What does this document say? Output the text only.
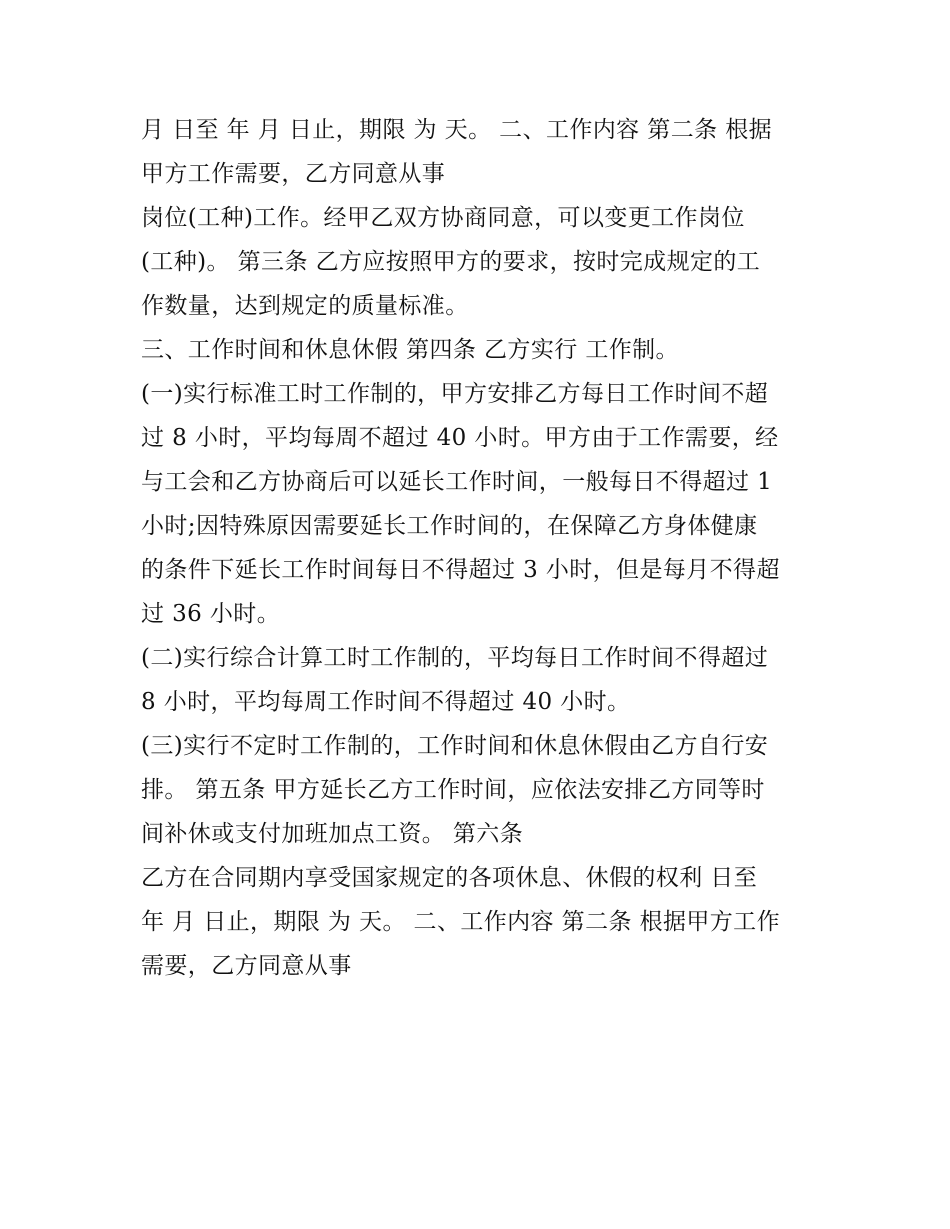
月 日至 年 月 日止，期限 为 天。 二、工作内容 第二条 根据
甲方工作需要，乙方同意从事
岗位(工种)工作。经甲乙双方协商同意，可以变更工作岗位
(工种)。 第三条 乙方应按照甲方的要求，按时完成规定的工
作数量，达到规定的质量标准。
三、工作时间和休息休假 第四条 乙方实行 工作制。
(一)实行标准工时工作制的，甲方安排乙方每日工作时间不超
过 8 小时，平均每周不超过 40 小时。甲方由于工作需要，经
与工会和乙方协商后可以延长工作时间，一般每日不得超过 1
小时;因特殊原因需要延长工作时间的，在保障乙方身体健康
的条件下延长工作时间每日不得超过 3 小时，但是每月不得超
过 36 小时。
(二)实行综合计算工时工作制的，平均每日工作时间不得超过
8 小时，平均每周工作时间不得超过 40 小时。
(三)实行不定时工作制的，工作时间和休息休假由乙方自行安
排。 第五条 甲方延长乙方工作时间，应依法安排乙方同等时
间补休或支付加班加点工资。 第六条
乙方在合同期内享受国家规定的各项休息、休假的权利 日至
年 月 日止，期限 为 天。 二、工作内容 第二条 根据甲方工作
需要，乙方同意从事
